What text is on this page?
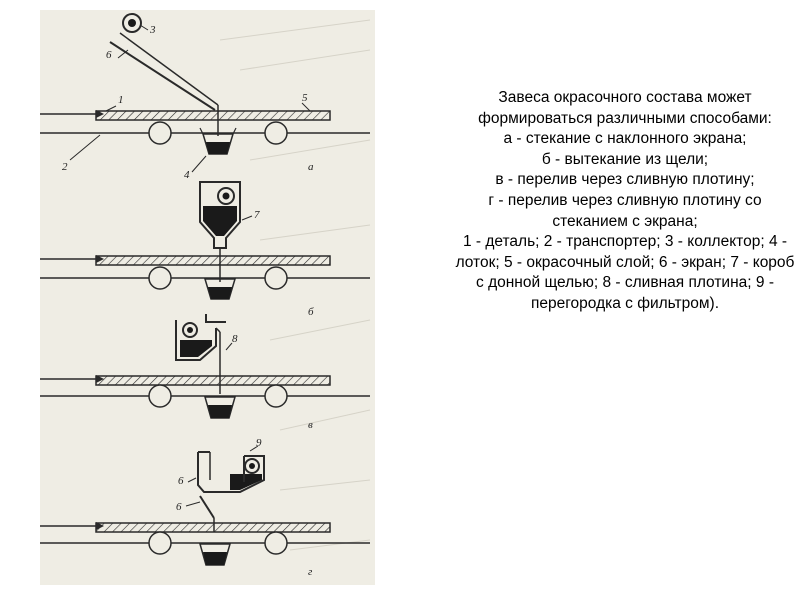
3
6
1	5
2
4
а
7
б
8
в
9
6
6
г

Завеса окрасочного состава может формироваться различными способами:
а - стекание с наклонного экрана;
б - вытекание из щели;
в - перелив через сливную плотину;
г - перелив через сливную плотину со стеканием с экрана;
1 - деталь; 2 - транспортер; 3 - коллектор; 4 - лоток; 5 - окрасочный слой; 6 - экран; 7 - короб с донной щелью; 8 - сливная плотина; 9 - перегородка с фильтром).
